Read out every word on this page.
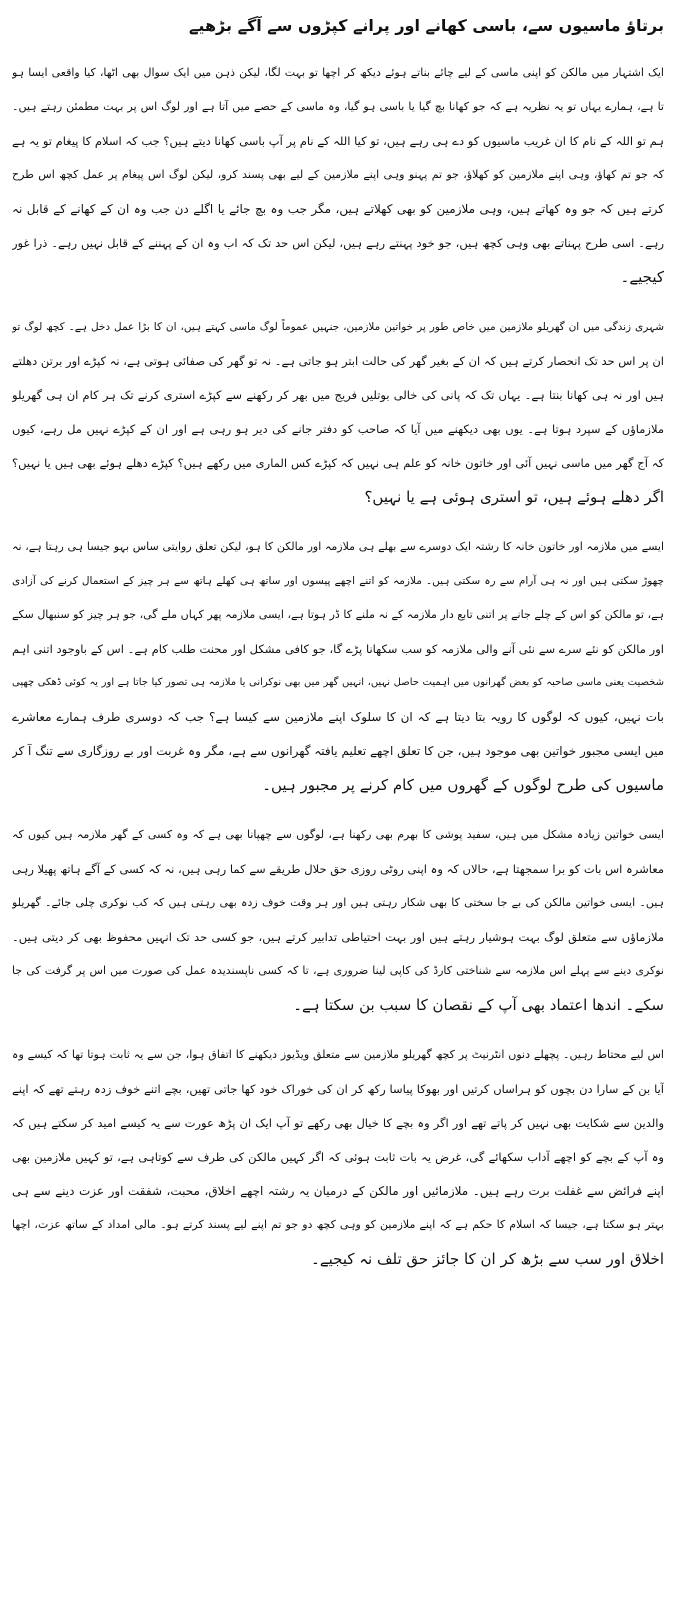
برتاؤ ماسیوں سے، باسی کھانے اور پرانے کپڑوں سے آگے بڑھیے
ایک اشتہار میں مالکن کو اپنی ماسی کے لیے چائے بناتے ہوئے دیکھ کر اچھا تو بہت لگا، لیکن ذہن میں ایک سوال بھی اٹھا، کیا واقعی ایسا ہو
تا ہے، ہمارے یہاں تو یہ نظریہ ہے کہ جو کھانا بچ گیا یا باسی ہو گیا، وہ ماسی کے حصے میں آتا ہے اور لوگ اس پر بہت مطمئن رہتے ہیں۔
ہم تو اللہ کے نام کا ان غریب ماسیوں کو دے ہی رہے ہیں، تو کیا اللہ کے نام پر آپ باسی کھانا دیتے ہیں؟ جب کہ اسلام کا پیغام تو یہ ہے
کہ جو تم کھاؤ، وہی اپنے ملازمین کو کھلاؤ، جو تم پہنو وہی اپنے ملازمین کے لیے بھی پسند کرو، لیکن لوگ اس پیغام پر عمل کچھ اس طرح
کرتے ہیں کہ جو وہ کھاتے ہیں، وہی ملازمین کو بھی کھلاتے ہیں، مگر جب وہ بچ جائے یا اگلے دن جب وہ ان کے کھانے کے قابل نہ
رہے۔ اسی طرح پہناتے بھی وہی کچھ ہیں، جو خود پہنتے رہے ہیں، لیکن اس حد تک کہ اب وہ ان کے پہننے کے قابل نہیں رہے۔ ذرا غور
کیجیے۔
شہری زندگی میں ان گھریلو ملازمین میں خاص طور پر خواتین ملازمین، جنہیں عموماً لوگ ماسی کہتے ہیں، ان کا بڑا عمل دخل ہے۔ کچھ لوگ تو
ان پر اس حد تک انحصار کرتے ہیں کہ ان کے بغیر گھر کی حالت ابتر ہو جاتی ہے۔ نہ تو گھر کی صفائی ہوتی ہے، نہ کپڑے اور برتن دھلتے
ہیں اور نہ ہی کھانا بنتا ہے۔ یہاں تک کہ پانی کی خالی بوتلیں فریج میں بھر کر رکھنے سے کپڑے استری کرنے تک ہر کام ان ہی گھریلو
ملازماؤں کے سپرد ہوتا ہے۔ یوں بھی دیکھنے میں آیا کہ صاحب کو دفتر جانے کی دیر ہو رہی ہے اور ان کے کپڑے نہیں مل رہے، کیوں
کہ آج گھر میں ماسی نہیں آئی اور خاتون خانہ کو علم ہی نہیں کہ کپڑے کس الماری میں رکھے ہیں؟ کپڑے دھلے ہوئے بھی ہیں یا نہیں؟
اگر دھلے ہوئے ہیں، تو استری ہوئی ہے یا نہیں؟
ایسے میں ملازمہ اور خاتون خانہ کا رشتہ ایک دوسرے سے بھلے ہی ملازمہ اور مالکن کا ہو، لیکن تعلق روایتی ساس بہو جیسا ہی رہتا ہے، نہ
چھوڑ سکتی ہیں اور نہ ہی آرام سے رہ سکتی ہیں۔ ملازمہ کو اتنے اچھے پیسوں اور ساتھ ہی کھلے ہاتھ سے ہر چیز کے استعمال کرنے کی آزادی
ہے، تو مالکن کو اس کے چلے جانے پر اتنی تابع دار ملازمہ کے نہ ملنے کا ڈر ہوتا ہے، ایسی ملازمہ پھر کہاں ملے گی، جو ہر چیز کو سنبھال سکے
اور مالکن کو نئے سرے سے نئی آنے والی ملازمہ کو سب سکھانا پڑے گا، جو کافی مشکل اور محنت طلب کام ہے۔ اس کے باوجود اتنی اہم
شخصیت یعنی ماسی صاحبہ کو بعض گھرانوں میں اہمیت حاصل نہیں، انہیں گھر میں بھی نوکرانی یا ملازمہ ہی تصور کیا جاتا ہے اور یہ کوئی ڈھکی چھپی
بات نہیں، کیوں کہ لوگوں کا رویہ بتا دیتا ہے کہ ان کا سلوک اپنے ملازمین سے کیسا ہے؟ جب کہ دوسری طرف ہمارے معاشرے
میں ایسی مجبور خواتین بھی موجود ہیں، جن کا تعلق اچھے تعلیم یافتہ گھرانوں سے ہے، مگر وہ غربت اور بے روزگاری سے تنگ آ کر
ماسیوں کی طرح لوگوں کے گھروں میں کام کرنے پر مجبور ہیں۔
ایسی خواتین زیادہ مشکل میں ہیں، سفید پوشی کا بھرم بھی رکھنا ہے، لوگوں سے چھپانا بھی ہے کہ وہ کسی کے گھر ملازمہ ہیں کیوں کہ
معاشرہ اس بات کو برا سمجھتا ہے، حالاں کہ وہ اپنی روٹی روزی حق حلال طریقے سے کما رہی ہیں، نہ کہ کسی کے آگے ہاتھ پھیلا رہی
ہیں۔ ایسی خواتین مالکن کی بے جا سختی کا بھی شکار رہتی ہیں اور ہر وقت خوف زدہ بھی رہتی ہیں کہ کب نوکری چلی جائے۔ گھریلو
ملازماؤں سے متعلق لوگ بہت ہوشیار رہتے ہیں اور بہت احتیاطی تدابیر کرتے ہیں، جو کسی حد تک انہیں محفوظ بھی کر دیتی ہیں۔
نوکری دینے سے پہلے اس ملازمہ سے شناختی کارڈ کی کاپی لینا ضروری ہے، تا کہ کسی ناپسندیدہ عمل کی صورت میں اس پر گرفت کی جا
سکے۔ اندھا اعتماد بھی آپ کے نقصان کا سبب بن سکتا ہے۔
اس لیے محتاط رہیں۔ پچھلے دنوں انٹرنیٹ پر کچھ گھریلو ملازمین سے متعلق ویڈیوز دیکھنے کا اتفاق ہوا، جن سے یہ ثابت ہوتا تھا کہ کیسے وہ
آیا بن کے سارا دن بچوں کو ہراساں کرتیں اور بھوکا پیاسا رکھ کر ان کی خوراک خود کھا جاتی تھیں، بچے اتنے خوف زدہ رہتے تھے کہ اپنے
والدین سے شکایت بھی نہیں کر پاتے تھے اور اگر وہ بچے کا خیال بھی رکھے تو آپ ایک ان پڑھ عورت سے یہ کیسے امید کر سکتے ہیں کہ
وہ آپ کے بچے کو اچھے آداب سکھائے گی، غرض یہ بات ثابت ہوئی کہ اگر کہیں مالکن کی طرف سے کوتاہی ہے، تو کہیں ملازمین بھی
اپنے فرائض سے غفلت برت رہے ہیں۔ ملازمائیں اور مالکن کے درمیان یہ رشتہ اچھے اخلاق، محبت، شفقت اور عزت دینے سے ہی
بہتر ہو سکتا ہے، جیسا کہ اسلام کا حکم ہے کہ اپنے ملازمین کو وہی کچھ دو جو تم اپنے لیے پسند کرتے ہو۔ مالی امداد کے ساتھ عزت، اچھا
اخلاق اور سب سے بڑھ کر ان کا جائز حق تلف نہ کیجیے۔
